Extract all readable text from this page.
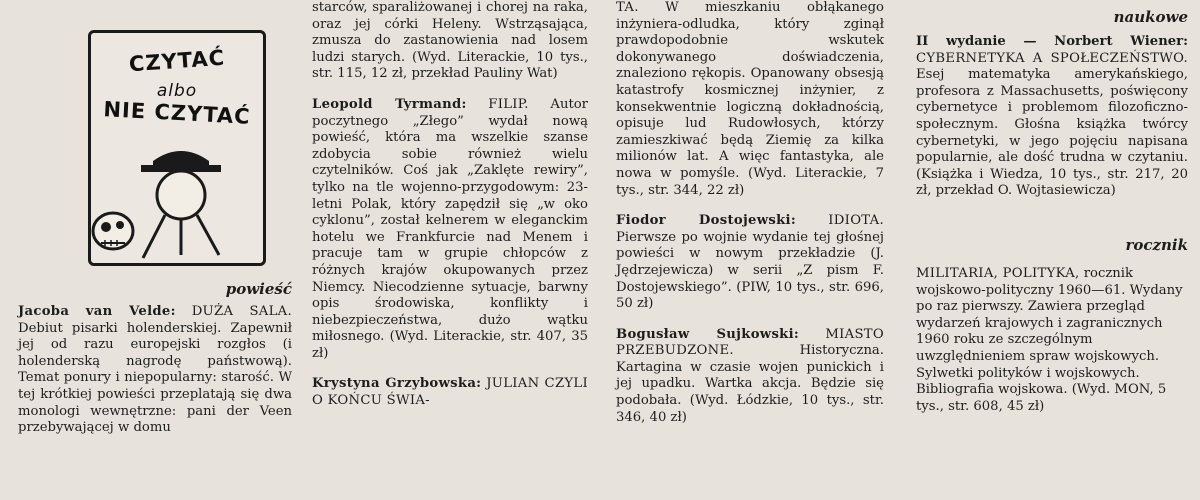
CZYTAĆ
albo
NIE CZYTAĆ

powieść

Jacoba van Velde: DUŻA SALA. Debiut pisarki holenderskiej. Zapewnił jej od razu europejski rozgłos (i holenderską nagrodę państwową). Temat ponury i niepopularny: starość. W tej krótkiej powieści przeplatają się dwa monologi wewnętrzne: pani der Veen przebywającej w domu

starców, sparaliżowanej i chorej na raka, oraz jej córki Heleny. Wstrząsająca, zmusza do zastanowienia nad losem ludzi starych. (Wyd. Literackie, 10 tys., str. 115, 12 zł, przekład Pauliny Wat)

Leopold Tyrmand: FILIP. Autor poczytnego „Złego” wydał nową powieść, która ma wszelkie szanse zdobycia sobie również wielu czytelników. Coś jak „Zaklęte rewiry”, tylko na tle wojenno-przygodowym: 23-letni Polak, który zapędził się „w oko cyklonu”, został kelnerem w eleganckim hotelu we Frankfurcie nad Menem i pracuje tam w grupie chłopców z różnych krajów okupowanych przez Niemcy. Niecodzienne sytuacje, barwny opis środowiska, konflikty i niebezpieczeństwa, dużo wątku miłosnego. (Wyd. Literackie, str. 407, 35 zł)

Krystyna Grzybowska: JULIAN CZYLI O KOŃCU ŚWIA-

TA. W mieszkaniu obłąkanego inżyniera-odludka, który zginął prawdopodobnie wskutek dokonywanego doświadczenia, znaleziono rękopis. Opanowany obsesją katastrofy kosmicznej inżynier, z konsekwentnie logiczną dokładnością, opisuje lud Rudowłosych, którzy zamieszkiwać będą Ziemię za kilka milionów lat. A więc fantastyka, ale nowa w pomyśle. (Wyd. Literackie, 7 tys., str. 344, 22 zł)

Fiodor Dostojewski: IDIOTA. Pierwsze po wojnie wydanie tej głośnej powieści w nowym przekładzie (J. Jędrzejewicza) w serii „Z pism F. Dostojewskiego”. (PIW, 10 tys., str. 696, 50 zł)

Bogusław Sujkowski: MIASTO PRZEBUDZONE.	Historyczna. Kartagina w czasie wojen punickich i jej upadku. Wartka akcja. Będzie się podobała. (Wyd. Łódzkie, 10 tys., str. 346, 40 zł)

naukowe

II wydanie — Norbert Wiener: CYBERNETYKA A SPOŁECZEŃSTWO. Esej matematyka amerykańskiego, profesora z Massachusetts, poświęcony cybernetyce i problemom filozoficzno-społecznym. Głośna książka twórcy cybernetyki, w jego pojęciu napisana popularnie, ale dość trudna w czytaniu. (Książka i Wiedza, 10 tys., str. 217, 20 zł, przekład O. Wojtasiewicza)

rocznik

MILITARIA, POLITYKA, rocznik wojskowo-polityczny 1960—61. Wydany po raz pierwszy. Zawiera przegląd wydarzeń krajowych i zagranicznych 1960 roku ze szczególnym uwzględnieniem spraw wojskowych. Sylwetki polityków i wojskowych. Bibliografia wojskowa. (Wyd. MON, 5 tys., str. 608, 45 zł)
